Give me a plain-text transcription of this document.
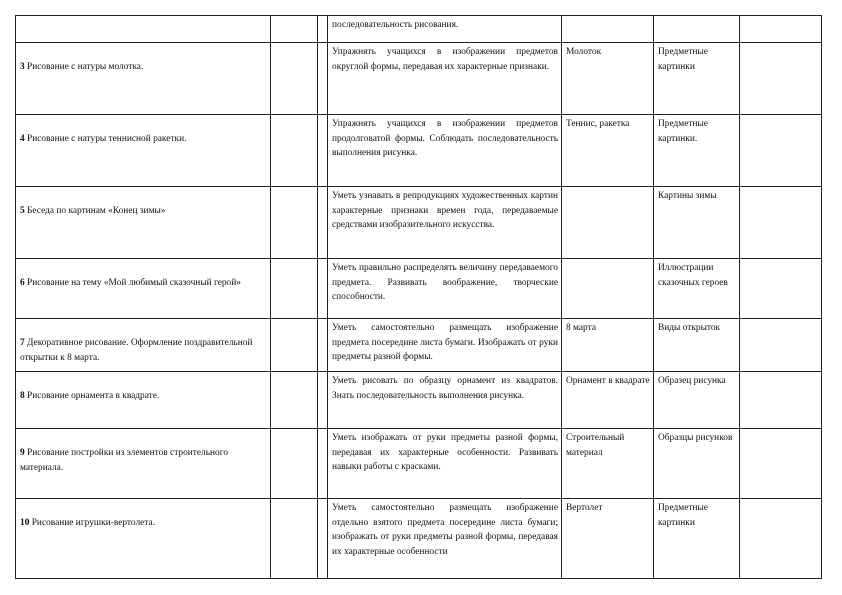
			последовательность рисования.			
3 Рисование с натуры молотка.			Упражнять учащихся в изображении предметов округлой формы, передавая их характерные признаки.	Молоток	Предметные картинки	
4 Рисование с натуры теннисной ракетки.			Упражнять учащихся в изображении предметов продолговатой формы. Соблюдать последовательность выполнения рисунка.	Теннис, ракетка	Предметные картинки.	
5 Беседа по картинам «Конец зимы»			Уметь узнавать в репродукциях художественных картин характерные признаки времен года, передаваемые средствами изобразительного искусства.		Картины зимы	
6 Рисование на тему «Мой любимый сказочный герой»			Уметь правильно распределять величину передаваемого предмета. Развивать воображение, творческие способности.		Иллюстрации сказочных героев	
7 Декоративное рисование. Оформление поздравительной открытки к 8 марта.			Уметь самостоятельно размещать изображение предмета посередине листа бумаги. Изображать от руки предметы разной формы.	8 марта	Виды открыток	
8 Рисование орнамента в квадрате.			Уметь рисовать по образцу орнамент из квадратов. Знать последовательность выполнения рисунка.	Орнамент в квадрате	Образец рисунка	
9 Рисование постройки из элементов строительного материала.			Уметь изображать от руки предметы разной формы, передавая их характерные особенности. Развивать навыки работы с красками.	Строительный материал	Образцы рисунков	
10 Рисование игрушки-вертолета.			Уметь самостоятельно размещать изображение отдельно взятого предмета посередине листа бумаги; изображать от руки предметы разной формы, передавая их характерные особенности	Вертолет	Предметные картинки	
